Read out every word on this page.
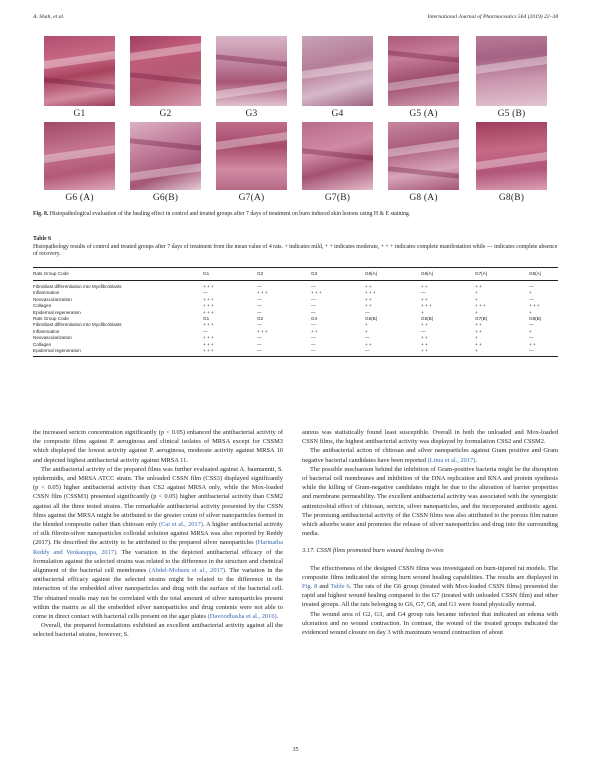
A. Shah, et al.	International Journal of Pharmaceutics 564 (2019) 22–38
G1	G2	G3	G4	G5 (A)	G5 (B)
G6 (A)	G6(B)	G7(A)	G7(B)	G8 (A)	G8(B)
Fig. 8. Histopathological evaluation of the healing effect in control and treated groups after 7 days of treatment on burn induced skin lesions using H & E staining.
Table 6
Histopathology results of control and treated groups after 7 days of treatment from the mean value of 4 rats. + indicates mild, + + indicates moderate, + + + indicates complete manifestation while — indicates complete absence of recovery.
Rats Group Code	G1	G2	G3	G5(A)	G6(A)	G7(A)	G8(A)
Fibroblast differentiation into Myofibroblasts	+ + +	—	—	+ +	+ +	+ +	—
Inflammation	—	+ + +	+ + +	+ + +	—	+	+
Neovascularization	+ + +	—	—	+ +	+ +	+	—
Collagen	+ + +	—	—	+ +	+ + +	+ + +	+ + +
Epidermal regeneration	+ + +	—	—	—	+	+	+
Rats Group Code	G1	G2	G4	G5(B)	G6(B)	G7(B)	G8(B)
Fibroblast differentiation into Myofibroblasts	+ + +	—	—	+	+ +	+ +	—
Inflammation	—	+ + +	+ +	+	—	+ +	+
Neovascularization	+ + +	—	—	—	+ +	+	—
Collagen	+ + +	—	—	+ +	+ +	+ +	+ +
Epidermal regeneration	+ + +	—	—	—	+ +	+	—

the increased sericin concentration significantly (p < 0.05) enhanced the antibacterial activity of the composite films against P. aeruginosa and clinical isolates of MRSA except for CSSM3 which displayed the lowest activity against P. aeruginosa, moderate activity against MRSA 10 and depicted highest antibacterial activity against MRSA 11.

The antibacterial activity of the prepared films was further evaluated against A. baumannii, S. epidermidis, and MRSA ATCC strain. The unloaded CSSN film (CSS3) displayed significantly (p < 0.05) higher antibacterial activity than CS2 against MRSA only, while the Mox-loaded CSSN film (CSSM3) presented significantly (p < 0.05) higher antibacterial activity than CSM2 against all the three tested strains. The remarkable antibacterial activity presented by the CSSN films against the MRSA might be attributed to the greater count of silver nanoparticles formed in the blended composite rather than chitosan only (Cai et al., 2017). A higher antibacterial activity of silk fibroin-silver nanoparticles colloidal solution against MRSA was also reported by Reddy (2017). He described the activity to be attributed to the prepared silver nanoparticles (Harinatha Reddy and Venkatappa, 2017). The variation in the depicted antibacterial efficacy of the formulation against the selected strains was related to the difference in the structure and chemical alignment of the bacterial cell membranes (Abdel-Mohsen et al., 2017). The variation in the antibacterial efficacy against the selected strains might be related to the difference in the interaction of the embedded silver nanoparticles and drug with the surface of the bacterial cell. The obtained results may not be correlated with the total amount of silver nanoparticles present within the matrix as all the embedded silver nanoparticles and drug contents were not able to come in direct contact with bacterial cells present on the agar plates (Davoodbasha et al., 2016).

Overall, the prepared formulations exhibited an excellent antibacterial activity against all the selected bacterial strains, however, S.

aureus was statistically found least susceptible. Overall in both the unloaded and Mox-loaded CSSN films, the highest antibacterial activity was displayed by formulation CSS2 and CSSM2.

The antibacterial action of chitosan and silver nanoparticles against Gram positive and Gram negative bacterial candidates have been reported (Lima et al., 2017).

The possible mechanism behind the inhibition of Gram-positive bacteria might be the disruption of bacterial cell membranes and inhibition of the DNA replication and RNA and protein synthesis while the killing of Gram-negative candidates might be due to the alteration of barrier properties and membrane permeability. The excellent antibacterial activity was associated with the synergistic antimicrobial effect of chitosan, sericin, silver nanoparticles, and the incorporated antibiotic agent. The promising antibacterial activity of the CSSN films was also attributed to the porous film nature which adsorbs water and promotes the release of silver nanoparticles and drug into the surrounding media.

3.17. CSSN films promoted burn wound healing in-vivo

The effectiveness of the designed CSSN films was investigated on burn-injured rat models. The composite films indicated the strong burn wound healing capabilities. The results are displayed in Fig. 8 and Table 6. The rats of the G6 group (treated with Mox-loaded CSSN films) presented the rapid and highest wound healing compared to the G7 (treated with unloaded CSSN film) and other treated groups. All the rats belonging to G6, G7, G8, and G1 were found physically normal.

The wound area of G2, G3, and G4 group rats became infected that indicated an edema with ulceration and no wound contraction. In contrast, the wound of the treated groups indicated the evidenced wound closure on day 3 with maximum wound contraction of about

35
